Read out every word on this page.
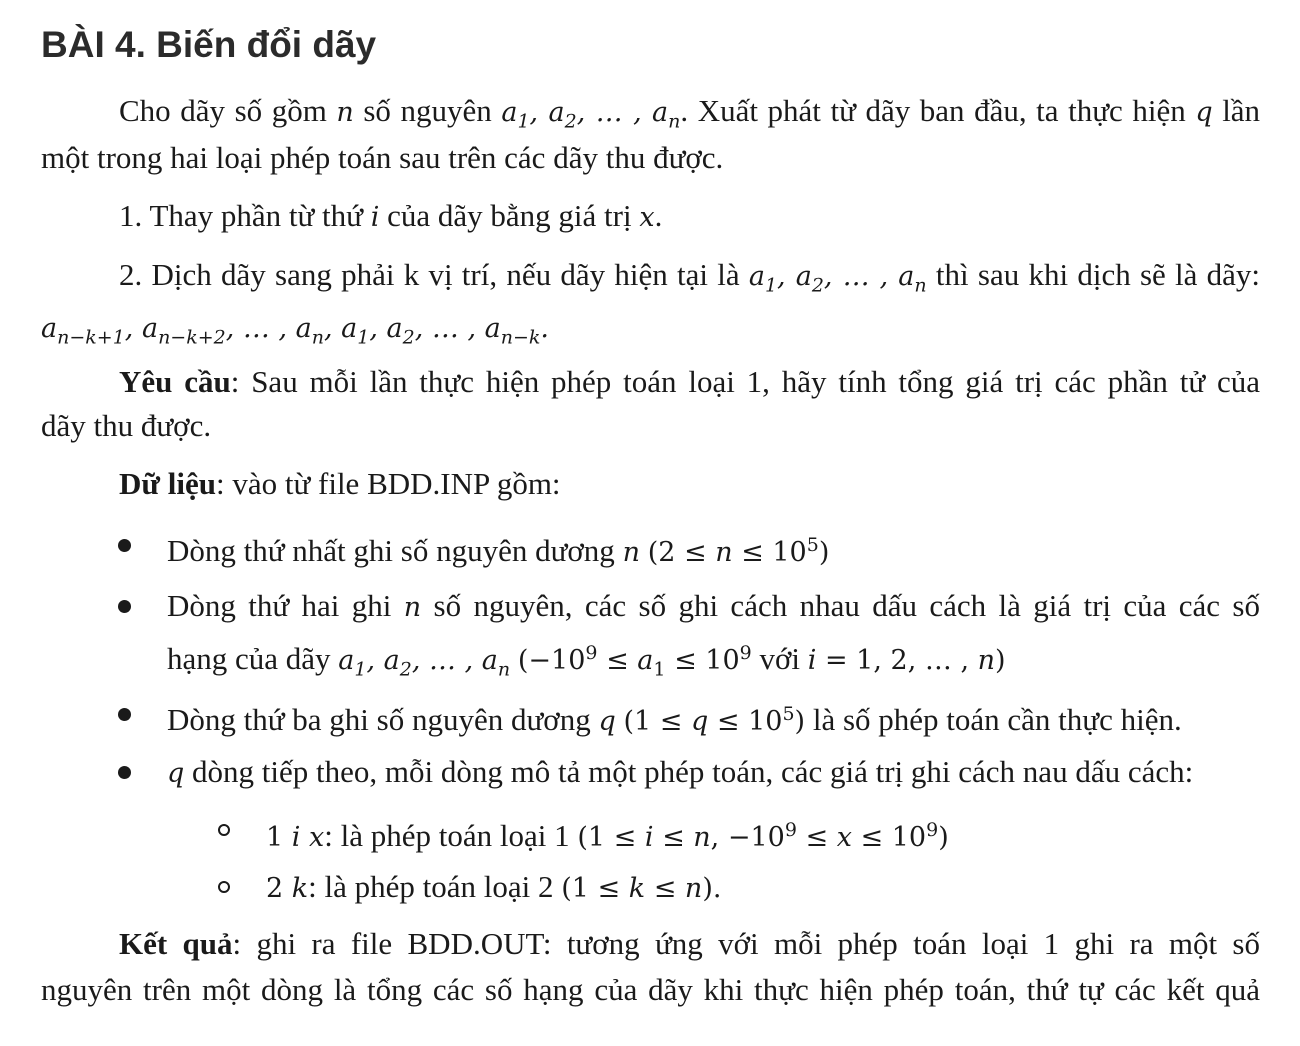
BÀI 4. Biến đổi dãy
Cho dãy số gồm n số nguyên $a_1$, $a_2$, … , $a_n$. Xuất phát từ dãy ban đầu, ta thực hiện q lần
một trong hai loại phép toán sau trên các dãy thu được.
1. Thay phần từ thứ i của dãy bằng giá trị x.
2. Dịch dãy sang phải k vị trí, nếu dãy hiện tại là $a_1$, $a_2$, … , $a_n$ thì sau khi dịch sẽ là dãy:
$a_{n-k+1}$, $a_{n-k+2}$, … , $a_n$, $a_1$, $a_2$, … , $a_{n-k}$.
Yêu cầu: Sau mỗi lần thực hiện phép toán loại 1, hãy tính tổng giá trị các phần tử của
dãy thu được.
Dữ liệu: vào từ file BDD.INP gồm:
Dòng thứ nhất ghi số nguyên dương n $(2 \le n \le 10^5)$
Dòng thứ hai ghi n số nguyên, các số ghi cách nhau dấu cách là giá trị của các số
hạng của dãy $a_1$, $a_2$, … , $a_n$ ($-10^9 \le a_1 \le 10^9$ với i = 1, 2, … , n)
Dòng thứ ba ghi số nguyên dương q $(1 \le q \le 10^5)$ là số phép toán cần thực hiện.
q dòng tiếp theo, mỗi dòng mô tả một phép toán, các giá trị ghi cách nau dấu cách:
1 i x: là phép toán loại 1 (1 ≤ i ≤ n, $-10^9 \le x \le 10^9$)
2 k: là phép toán loại 2 (1 ≤ k ≤ n).
Kết quả: ghi ra file BDD.OUT: tương ứng với mỗi phép toán loại 1 ghi ra một số
nguyên trên một dòng là tổng các số hạng của dãy khi thực hiện phép toán, thứ tự các kết quả
